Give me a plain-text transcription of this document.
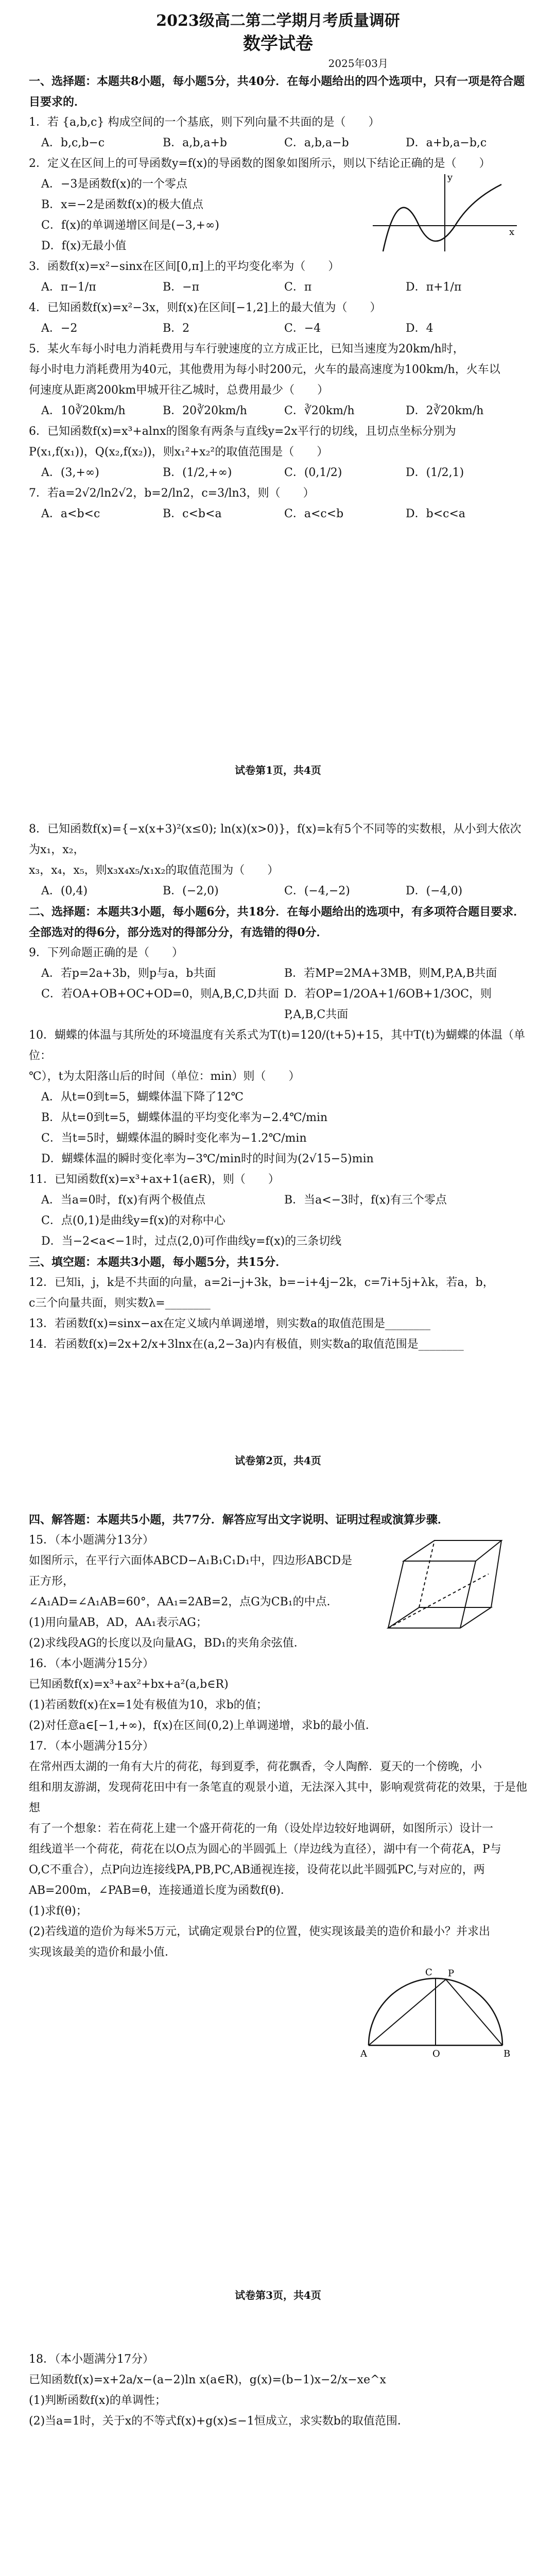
2023级高二第二学期月考质量调研
数学试卷
2025年03月

一、选择题：本题共8小题，每小题5分，共40分．在每小题给出的四个选项中，只有一项是符合题目要求的．

1．若 {a,b,c} 构成空间的一个基底，则下列向量不共面的是（　　）

A．b,c,b−c	B．a,b,a+b	C．a,b,a−b	D．a+b,a−b,c

2．定义在区间上的可导函数y=f(x)的导函数的图象如图所示，则以下结论正确的是（　　）

A．−3是函数f(x)的一个零点

B．x=−2是函数f(x)的极大值点

C．f(x)的单调递增区间是(−3,+∞)

D．f(x)无最小值

y
x

3．函数f(x)=x²−sinx在区间[0,π]上的平均变化率为（　　）

A．π−1/π	B．−π	C．π	D．π+1/π

4．已知函数f(x)=x²−3x，则f(x)在区间[−1,2]上的最大值为（　　）

A．−2	B．2	C．−4	D．4

5．某火车每小时电力消耗费用与车行驶速度的立方成正比，已知当速度为20km/h时，

每小时电力消耗费用为40元，其他费用为每小时200元，火车的最高速度为100km/h，火车以

何速度从距离200km甲城开往乙城时，总费用最少（　　）

A．10∛20km/h	B．20∛20km/h	C．∛20km/h	D．2∛20km/h

6．已知函数f(x)=x³+alnx的图象有两条与直线y=2x平行的切线，且切点坐标分别为

P(x₁,f(x₁))，Q(x₂,f(x₂))，则x₁²+x₂²的取值范围是（　　）

A．(3,+∞)	B．(1/2,+∞)	C．(0,1/2)	D．(1/2,1)

7．若a=2√2/ln2√2，b=2/ln2，c=3/ln3，则（　　）

A．a<b<c	B．c<b<a	C．a<c<b	D．b<c<a
试卷第1页，共4页

8．已知函数f(x)={−x(x+3)²(x≤0); ln(x)(x>0)}，f(x)=k有5个不同等的实数根，从小到大依次为x₁，x₂，

x₃，x₄，x₅，则x₃x₄x₅/x₁x₂的取值范围为（　　）

A．(0,4)	B．(−2,0)	C．(−4,−2)	D．(−4,0)

二、选择题：本题共3小题，每小题6分，共18分．在每小题给出的选项中，有多项符合题目要求．全部选对的得6分，部分选对的得部分分，有选错的得0分．

9．下列命题正确的是（　　）

A．若p=2a+3b，则p与a，b共面	B．若MP=2MA+3MB，则M,P,A,B共面
C．若OA+OB+OC+OD=0，则A,B,C,D共面 D．若OP=1/2OA+1/6OB+1/3OC，则P,A,B,C共面

10．蝴蝶的体温与其所处的环境温度有关系式为T(t)=120/(t+5)+15，其中T(t)为蝴蝶的体温（单位：

℃），t为太阳落山后的时间（单位：min）则（　　）

A．从t=0到t=5，蝴蝶体温下降了12℃

B．从t=0到t=5，蝴蝶体温的平均变化率为−2.4℃/min

C．当t=5时，蝴蝶体温的瞬时变化率为−1.2℃/min

D．蝴蝶体温的瞬时变化率为−3℃/min时的时间为(2√15−5)min

11．已知函数f(x)=x³+ax+1(a∈R)，则（　　）

A．当a=0时，f(x)有两个极值点	B．当a<−3时，f(x)有三个零点

C．点(0,1)是曲线y=f(x)的对称中心

D．当−2<a<−1时，过点(2,0)可作曲线y=f(x)的三条切线

三、填空题：本题共3小题，每小题5分，共15分．

12．已知i，j，k是不共面的向量，a=2i−j+3k，b=−i+4j−2k，c=7i+5j+λk，若a，b，

c三个向量共面，则实数λ=________

13．若函数f(x)=sinx−ax在定义域内单调递增，则实数a的取值范围是________

14．若函数f(x)=2x+2/x+3lnx在(a,2−3a)内有极值，则实数a的取值范围是________

试卷第2页，共4页

四、解答题：本题共5小题，共77分．解答应写出文字说明、证明过程或演算步骤．

15．（本小题满分13分）

如图所示，在平行六面体ABCD−A₁B₁C₁D₁中，四边形ABCD是正方形，

∠A₁AD=∠A₁AB=60°，AA₁=2AB=2，点G为CB₁的中点．

(1)用向量AB，AD，AA₁表示AG；

(2)求线段AG的长度以及向量AG，BD₁的夹角余弦值．

16．（本小题满分15分）

已知函数f(x)=x³+ax²+bx+a²(a,b∈R)

(1)若函数f(x)在x=1处有极值为10，求b的值；

(2)对任意a∈[−1,+∞)，f(x)在区间(0,2)上单调递增，求b的最小值．

17．（本小题满分15分）

在常州西太湖的一角有大片的荷花，每到夏季，荷花飘香，令人陶醉．夏天的一个傍晚，小

组和朋友游湖，发现荷花田中有一条笔直的观景小道，无法深入其中，影响观赏荷花的效果，于是他想

有了一个想象：若在荷花上建一个盛开荷花的一角（设处岸边较好地调研，如图所示）设计一

组线道半一个荷花，荷花在以O点为圆心的半圆弧上（岸边线为直径），湖中有一个荷花A，P与

O,C不重合），点P向边连接线PA,PB,PC,AB通视连接，设荷花以此半圆弧PC,与对应的，两

AB=200m，∠PAB=θ，连接通道长度为函数f(θ)．

(1)求f(θ)；

(2)若线道的造价为每米5万元，试确定观景台P的位置，使实现该最美的造价和最小？并求出

实现该最美的造价和最小值．

A	O	B
P
C
试卷第3页，共4页

18．（本小题满分17分）

已知函数f(x)=x+2a/x−(a−2)ln x(a∈R)，g(x)=(b−1)x−2/x−xe^x

(1)判断函数f(x)的单调性；

(2)当a=1时，关于x的不等式f(x)+g(x)≤−1恒成立，求实数b的取值范围．
